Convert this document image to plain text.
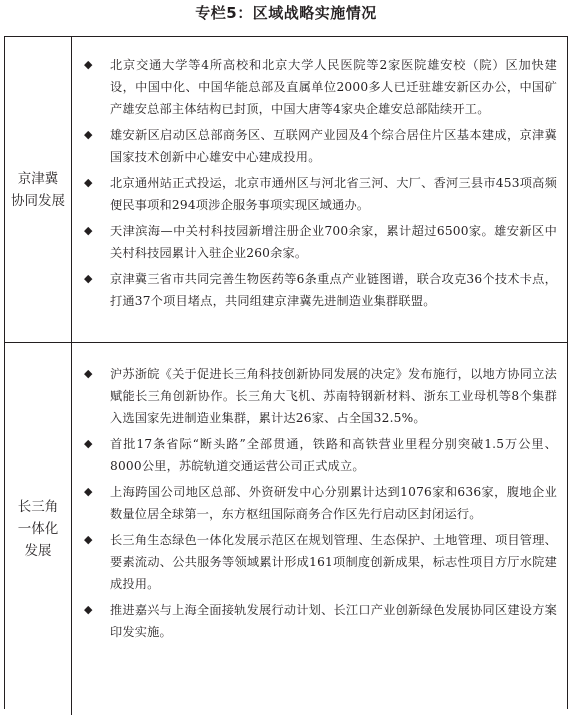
专栏5：区域战略实施情况
京津冀
协同发展
◆ 北京交通大学等4所高校和北京大学人民医院等2家医院雄安校（院）区加快建设，中国中化、中国华能总部及直属单位2000多人已迁驻雄安新区办公，中国矿产雄安总部主体结构已封顶，中国大唐等4家央企雄安总部陆续开工。
◆ 雄安新区启动区总部商务区、互联网产业园及4个综合居住片区基本建成，京津冀国家技术创新中心雄安中心建成投用。
◆ 北京通州站正式投运，北京市通州区与河北省三河、大厂、香河三县市453项高频便民事项和294项涉企服务事项实现区域通办。
◆ 天津滨海—中关村科技园新增注册企业700余家，累计超过6500家。雄安新区中关村科技园累计入驻企业260余家。
◆ 京津冀三省市共同完善生物医药等6条重点产业链图谱，联合攻克36个技术卡点，打通37个项目堵点，共同组建京津冀先进制造业集群联盟。
长三角
一体化
发展
◆ 沪苏浙皖《关于促进长三角科技创新协同发展的决定》发布施行，以地方协同立法赋能长三角创新协作。长三角大飞机、苏南特钢新材料、浙东工业母机等8个集群入选国家先进制造业集群，累计达26家、占全国32.5%。
◆ 首批17条省际“断头路”全部贯通，铁路和高铁营业里程分别突破1.5万公里、8000公里，苏皖轨道交通运营公司正式成立。
◆ 上海跨国公司地区总部、外资研发中心分别累计达到1076家和636家，腹地企业数量位居全球第一，东方枢纽国际商务合作区先行启动区封闭运行。
◆ 长三角生态绿色一体化发展示范区在规划管理、生态保护、土地管理、项目管理、要素流动、公共服务等领域累计形成161项制度创新成果，标志性项目方厅水院建成投用。
◆ 推进嘉兴与上海全面接轨发展行动计划、长江口产业创新绿色发展协同区建设方案印发实施。
